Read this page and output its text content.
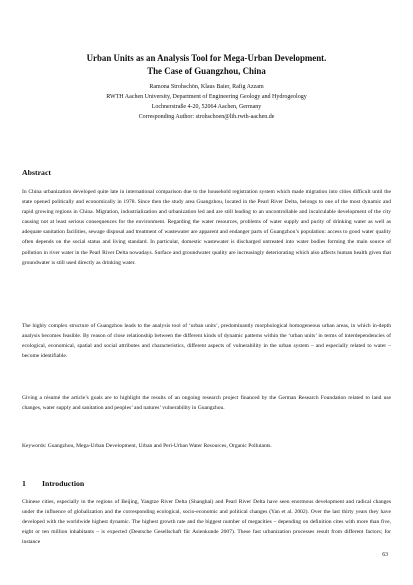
Urban Units as an Analysis Tool for Mega-Urban Development.

The Case of Guangzhou, China

Ramona Strohschön, Klaus Baier, Rafig Azzam
RWTH Aachen University, Department of Engineering Geology and Hydrogeology
Lochnerstraße 4-20, 52064 Aachen, Germany
Corresponding Author: strohschoen@lih.rwth-aachen.de
Abstract

In China urbanization developed quite late in international comparison due to the household registration system which made migration into cities difficult until the state opened politically and economically in 1978. Since then the study area Guangzhou, located in the Pearl River Delta, belongs to one of the most dynamic and rapid growing regions in China. Migration, industrialization and urbanization led and are still leading to an uncontrollable and incalculable development of the city causing not at least serious consequences for the environment. Regarding the water resources, problems of water supply and purity of drinking water as well as adequate sanitation facilities, sewage disposal and treatment of wastewater are apparent and endanger parts of Guangzhou’s population: access to good water quality often depends on the social status and living standard. In particular, domestic wastewater is discharged untreated into water bodies forming the main source of pollution in river water in the Pearl River Delta nowadays. Surface and groundwater quality are increasingly deteriorating which also affects human health given that groundwater is still used directly as drinking water.

The highly complex structure of Guangzhou leads to the analysis tool of ‘urban units’, predominantly morphological homogeneous urban areas, in which in-depth analysis becomes feasible. By reason of close relationship between the different kinds of dynamic patterns within the ‘urban units’ in terms of interdependencies of ecological, economical, spatial and social attributes and characteristics, different aspects of vulnerability in the urban system – and especially related to water – become identifiable.

Giving a résumé the article’s goals are to highlight the results of an ongoing research project financed by the German Research Foundation related to land use changes, water supply and sanitation and peoples’ and natures’ vulnerability in Guangzhou.

Keywords: Guangzhou, Mega-Urban Development, Urban and Peri-Urban Water Resources, Organic Pollutants.

1 Introduction

Chinese cities, especially in the regions of Beijing, Yangtze River Delta (Shanghai) and Pearl River Delta have seen enormous development and radical changes under the influence of globalization and the corresponding ecological, socio-economic and political changes (Yan et al. 2002). Over the last thirty years they have developed with the worldwide highest dynamic. The highest growth rate and the biggest number of megacities – depending on definition cites with more than five, eight or ten million inhabitants – is expected (Deutsche Gesellschaft für Asienkunde 2007). These fast urbanization processes result from different factors; for instance

63
